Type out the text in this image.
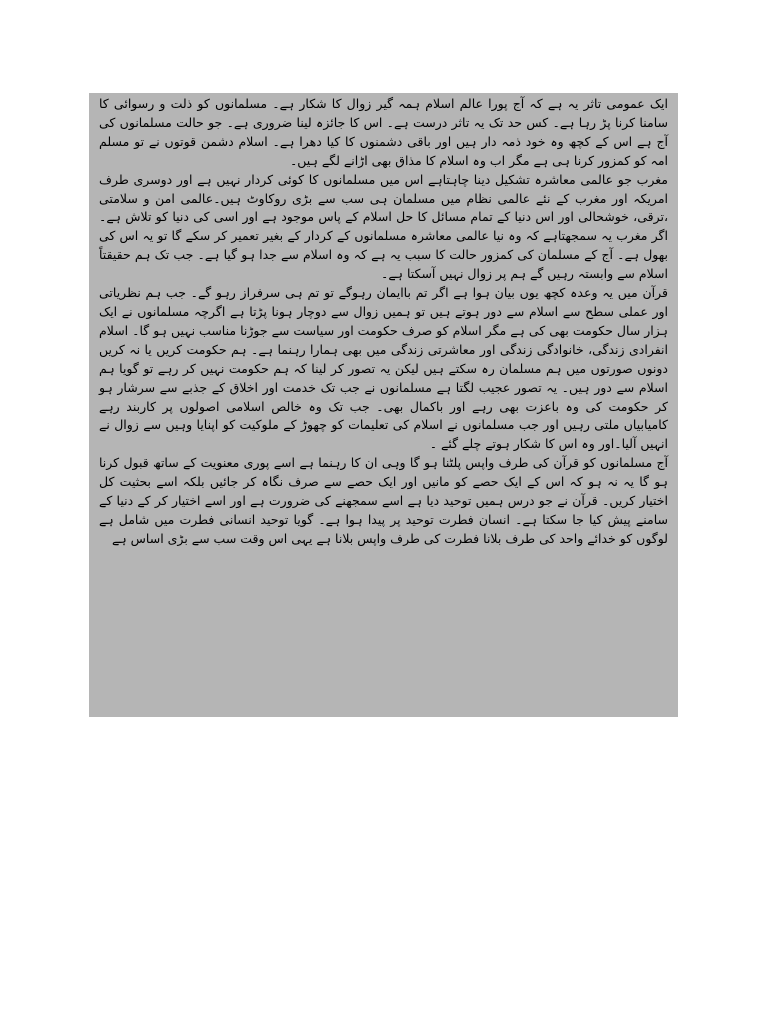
ایک عمومی تاثر یہ ہے کہ آج پورا عالم اسلام ہمہ گیر زوال کا شکار ہے۔ مسلمانوں کو ذلت و رسوائی کا سامنا کرنا پڑ رہا ہے۔ کس حد تک یہ تاثر درست ہے۔ اس کا جائزہ لینا ضروری ہے۔ جو حالت مسلمانوں کی آج ہے اس کے کچھ وہ خود ذمہ دار ہیں اور باقی دشمنوں کا کیا دھرا ہے۔ اسلام دشمن قوتوں نے تو مسلم امہ کو کمزور کرنا ہی ہے مگر اب وہ اسلام کا مذاق بھی اڑانے لگے ہیں۔

مغرب جو عالمی معاشرہ تشکیل دینا چاہتاہے اس میں مسلمانوں کا کوئی کردار نہیں ہے اور دوسری طرف امریکہ اور مغرب کے نئے عالمی نظام میں مسلمان ہی سب سے بڑی روکاوٹ ہیں۔عالمی امن و سلامتی ،ترقی، خوشحالی اور اس دنیا کے تمام مسائل کا حل اسلام کے پاس موجود ہے اور اسی کی دنیا کو تلاش ہے۔ اگر مغرب یہ سمجھتاہے کہ وہ نیا عالمی معاشرہ مسلمانوں کے کردار کے بغیر تعمیر کر سکے گا تو یہ اس کی بھول ہے۔ آج کے مسلمان کی کمزور حالت کا سبب یہ ہے کہ وہ اسلام سے جدا ہو گیا ہے۔ جب تک ہم حقیقتاً اسلام سے وابستہ رہیں گے ہم پر زوال نہیں آسکتا ہے۔

قرآن میں یہ وعدہ کچھ یوں بیان ہوا ہے اگر تم باایمان رہوگے تو تم ہی سرفراز رہو گے۔ جب ہم نظریاتی اور عملی سطح سے اسلام سے دور ہوتے ہیں تو ہمیں زوال سے دوچار ہونا پڑتا ہے اگرچہ مسلمانوں نے ایک ہزار سال حکومت بھی کی ہے مگر اسلام کو صرف حکومت اور سیاست سے جوڑنا مناسب نہیں ہو گا۔ اسلام انفرادی زندگی، خانوادگی زندگی اور معاشرتی زندگی میں بھی ہمارا رہنما ہے۔ ہم حکومت کریں یا نہ کریں دونوں صورتوں میں ہم مسلمان رہ سکتے ہیں لیکن یہ تصور کر لینا کہ ہم حکومت نہیں کر رہے تو گویا ہم اسلام سے دور ہیں۔ یہ تصور عجیب لگتا ہے مسلمانوں نے جب تک خدمت اور اخلاق کے جذبے سے سرشار ہو کر حکومت کی وہ باعزت بھی رہے اور باکمال بھی۔ جب تک وہ خالص اسلامی اصولوں پر کاربند رہے کامیابیاں ملتی رہیں اور جب مسلمانوں نے اسلام کی تعلیمات کو چھوڑ کے ملوکیت کو اپنایا وہیں سے زوال نے انہیں آلیا۔اور وہ اس کا شکار ہوتے چلے گئے ۔

آج مسلمانوں کو قرآن کی طرف واپس پلٹنا ہو گا وہی ان کا رہنما ہے اسے پوری معنویت کے ساتھ قبول کرنا ہو گا یہ نہ ہو کہ اس کے ایک حصے کو مانیں اور ایک حصے سے صرف نگاہ کر جائیں بلکہ اسے بحثیت کل اختیار کریں۔ قرآن نے جو درس ہمیں توحید دیا ہے اسے سمجھنے کی ضرورت ہے اور اسے اختیار کر کے دنیا کے سامنے پیش کیا جا سکتا ہے۔ انسان فطرت توحید پر پیدا ہوا ہے۔ گویا توحید انسانی فطرت میں شامل ہے لوگوں کو خدائے واحد کی طرف بلانا فطرت کی طرف واپس بلانا ہے یہی اس وقت سب سے بڑی اساس ہے
